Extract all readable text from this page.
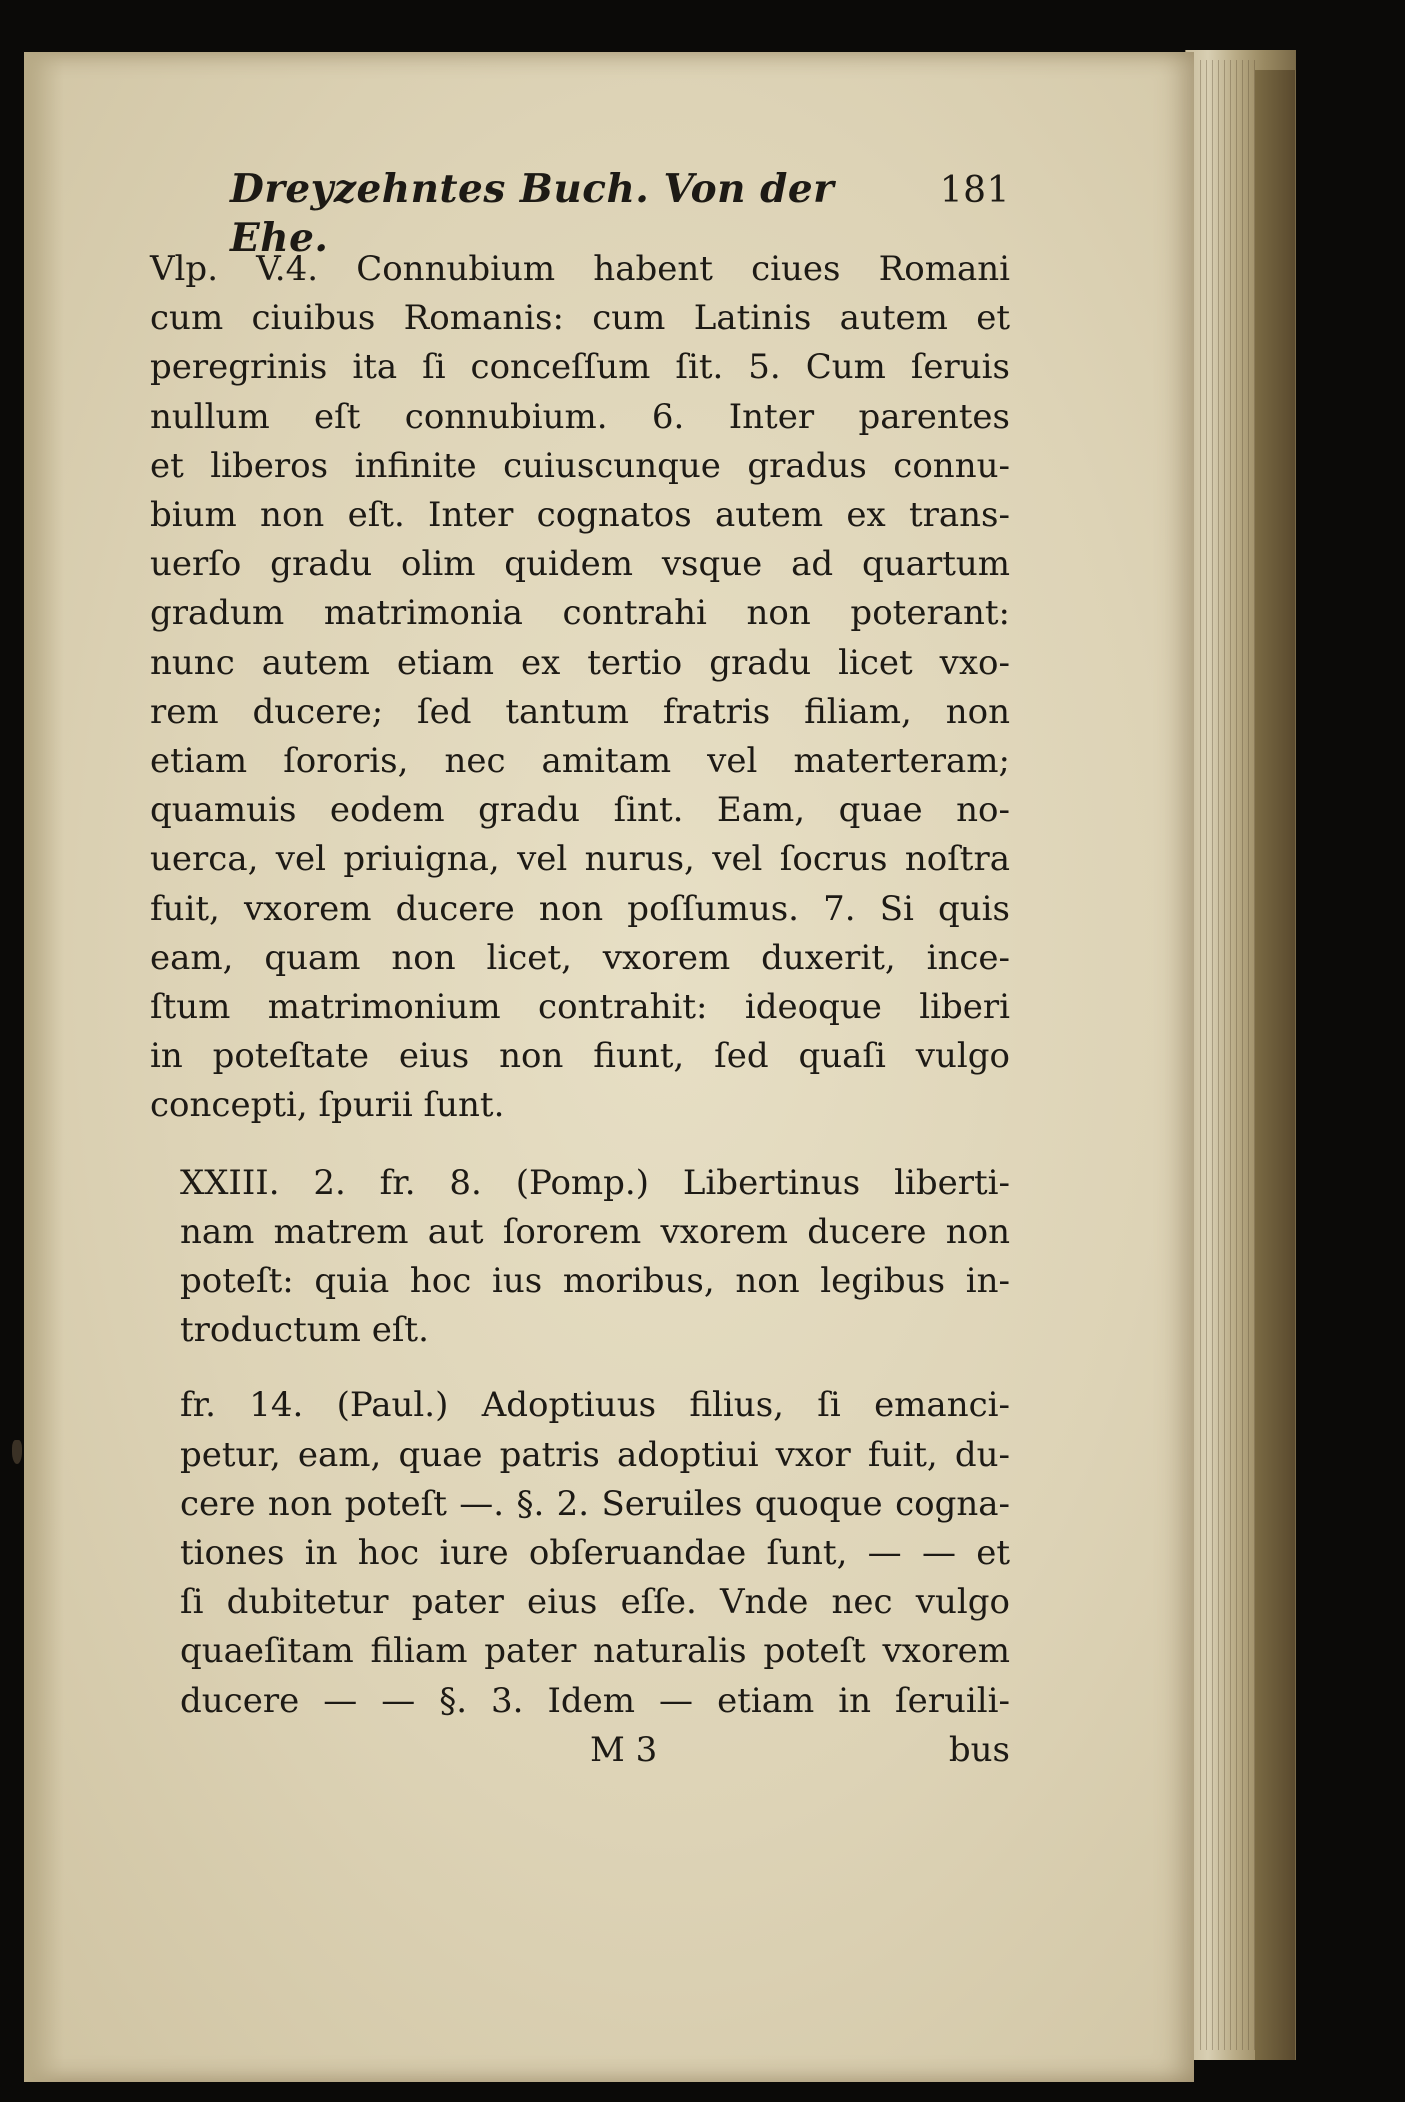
Dreyzehntes Buch. Von der Ehe.
181
Vlp. V.4. Connubium habent ciues Romani
cum ciuibus Romanis: cum Latinis autem et
peregrinis ita ſi conceſſum ſit. 5. Cum ſeruis
nullum eſt connubium. 6. Inter parentes
et liberos infinite cuiuscunque gradus connu-
bium non eſt. Inter cognatos autem ex trans-
uerſo gradu olim quidem vsque ad quartum
gradum matrimonia contrahi non poterant:
nunc autem etiam ex tertio gradu licet vxo-
rem ducere; ſed tantum fratris filiam, non
etiam ſororis, nec amitam vel materteram;
quamuis eodem gradu ſint. Eam, quae no-
uerca, vel priuigna, vel nurus, vel ſocrus noſtra
fuit, vxorem ducere non poſſumus. 7. Si quis
eam, quam non licet, vxorem duxerit, ince-
ſtum matrimonium contrahit: ideoque liberi
in poteſtate eius non fiunt, ſed quaſi vulgo
concepti, ſpurii ſunt.
XXIII. 2. fr. 8. (Pomp.) Libertinus liberti-
nam matrem aut ſororem vxorem ducere non
poteſt: quia hoc ius moribus, non legibus in-
troductum eſt.
fr. 14. (Paul.) Adoptiuus filius, ſi emanci-
petur, eam, quae patris adoptiui vxor fuit, du-
cere non poteſt —. §. 2. Seruiles quoque cogna-
tiones in hoc iure obſeruandae ſunt, — — et
ſi dubitetur pater eius eſſe. Vnde nec vulgo
quaeſitam filiam pater naturalis poteſt vxorem
ducere — — §. 3. Idem — etiam in ſeruili-
M 3	bus
